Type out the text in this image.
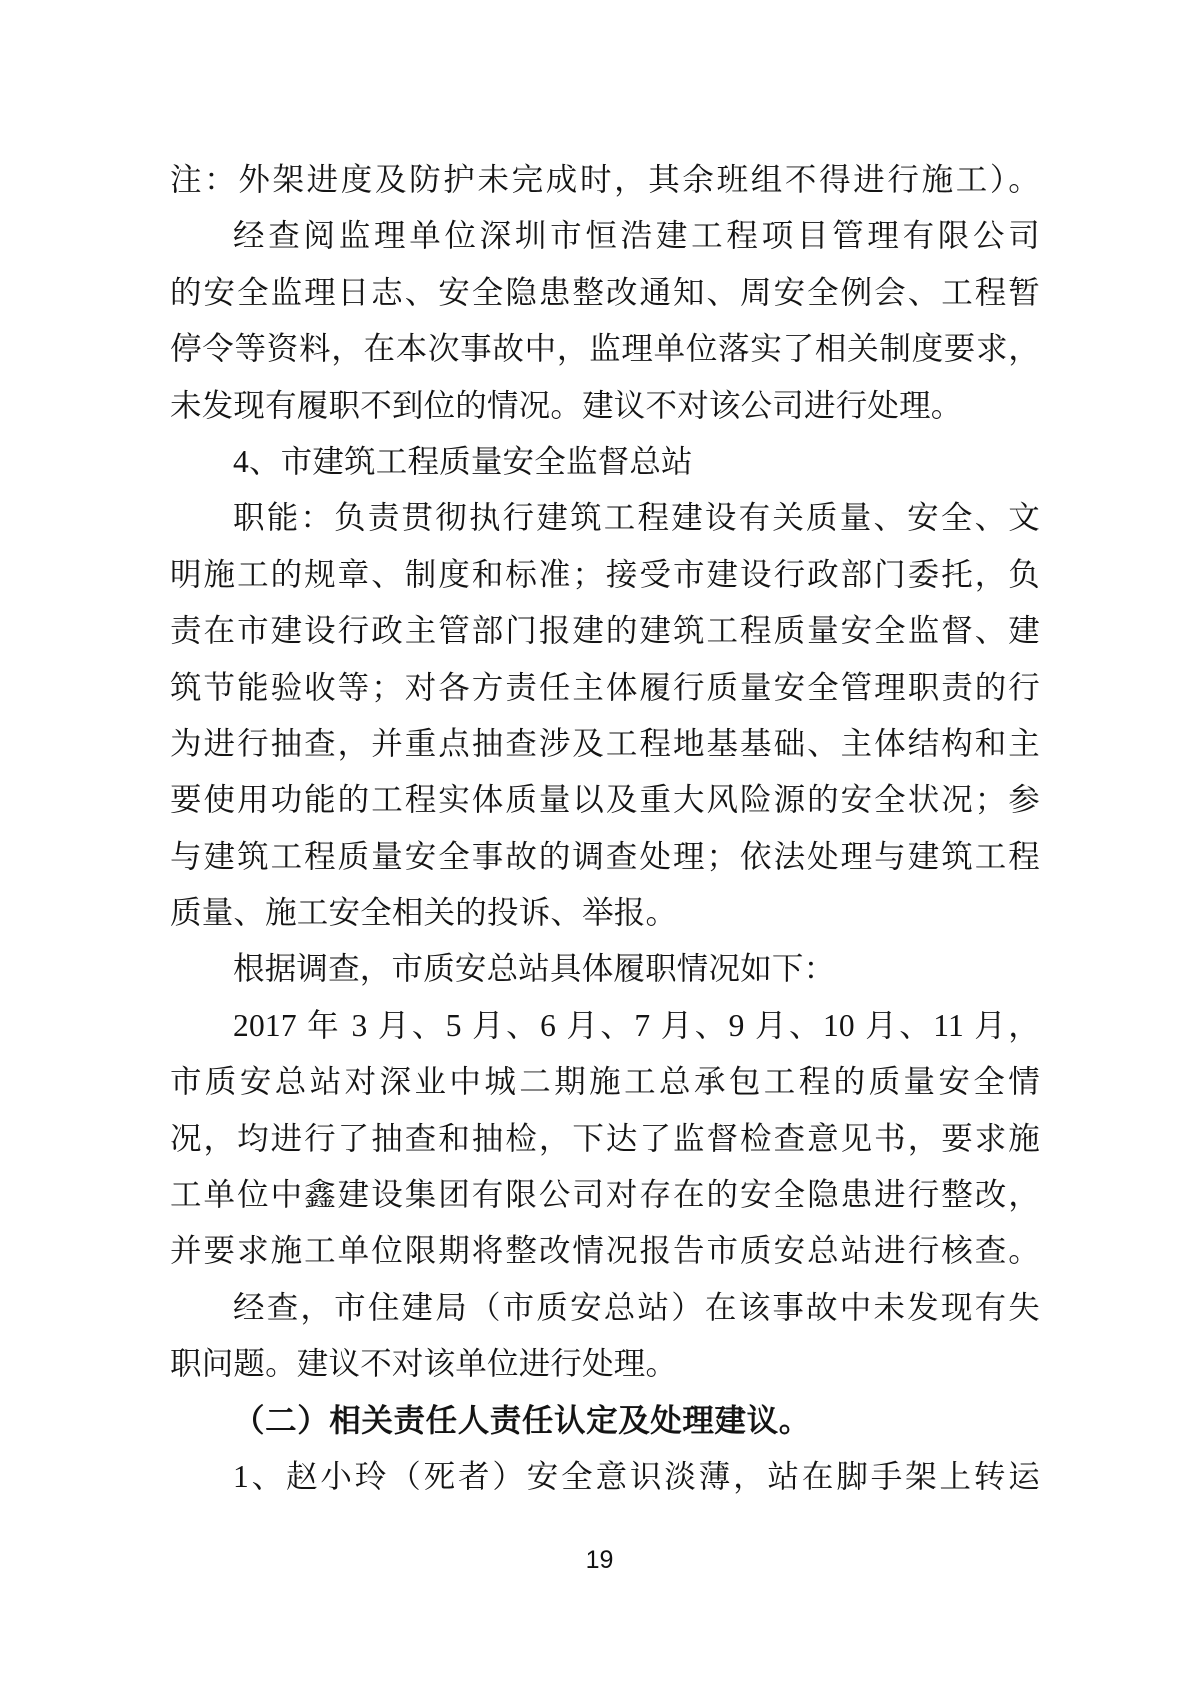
注：外架进度及防护未完成时，其余班组不得进行施工）。
经查阅监理单位深圳市恒浩建工程项目管理有限公司
的安全监理日志、安全隐患整改通知、周安全例会、工程暂
停令等资料，在本次事故中，监理单位落实了相关制度要求，
未发现有履职不到位的情况。建议不对该公司进行处理。
4、市建筑工程质量安全监督总站
职能：负责贯彻执行建筑工程建设有关质量、安全、文
明施工的规章、制度和标准；接受市建设行政部门委托，负
责在市建设行政主管部门报建的建筑工程质量安全监督、建
筑节能验收等；对各方责任主体履行质量安全管理职责的行
为进行抽查，并重点抽查涉及工程地基基础、主体结构和主
要使用功能的工程实体质量以及重大风险源的安全状况；参
与建筑工程质量安全事故的调查处理；依法处理与建筑工程
质量、施工安全相关的投诉、举报。
根据调查，市质安总站具体履职情况如下：
2017 年 3 月、5 月、6 月、7 月、9 月、10 月、11 月，
市质安总站对深业中城二期施工总承包工程的质量安全情
况，均进行了抽查和抽检，下达了监督检查意见书，要求施
工单位中鑫建设集团有限公司对存在的安全隐患进行整改，
并要求施工单位限期将整改情况报告市质安总站进行核查。
经查，市住建局（市质安总站）在该事故中未发现有失
职问题。建议不对该单位进行处理。
（二）相关责任人责任认定及处理建议。
1、赵小玲（死者）安全意识淡薄，站在脚手架上转运
19
